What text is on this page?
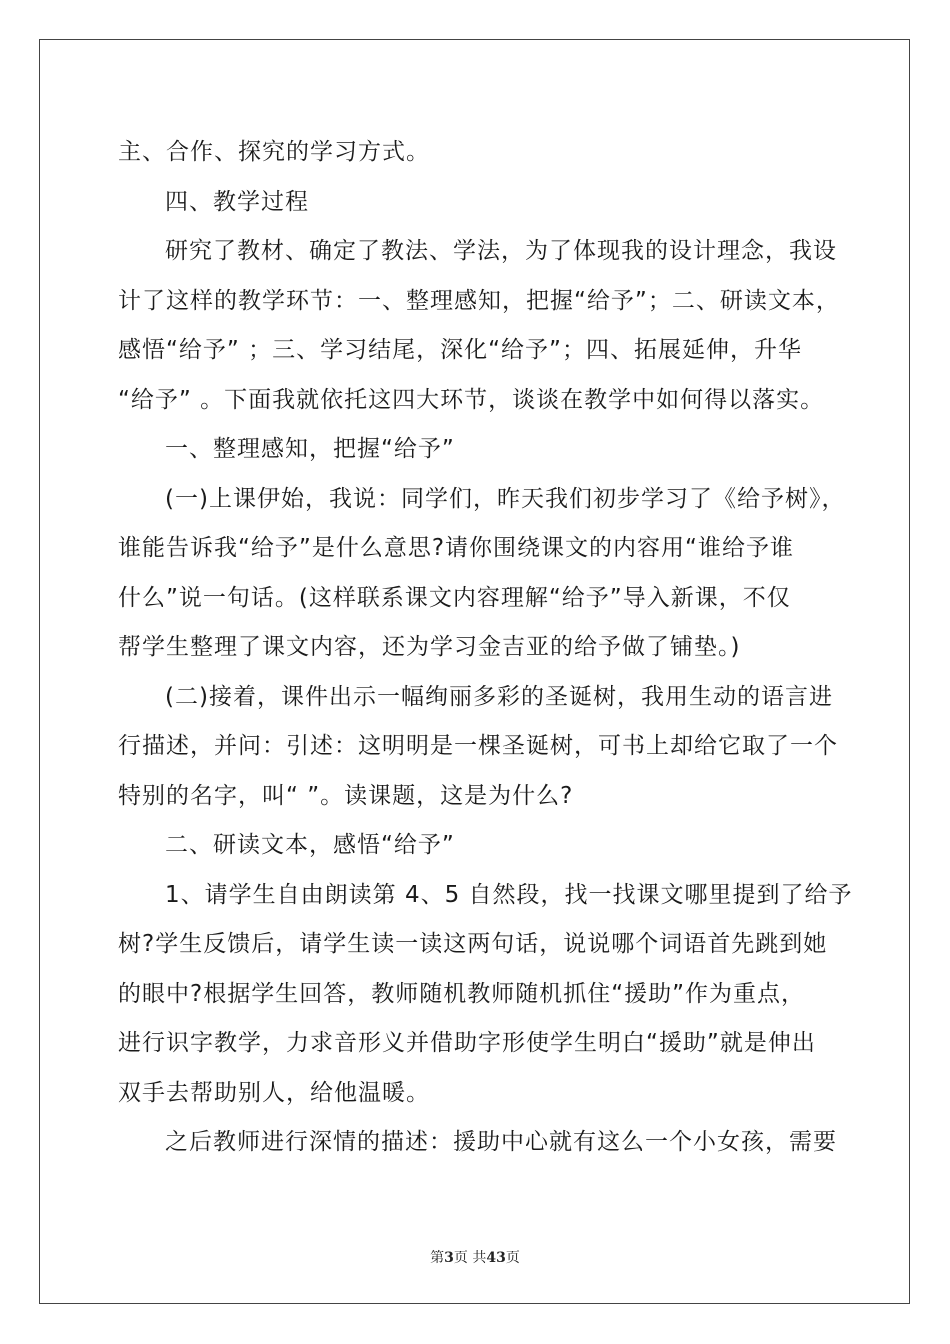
主、合作、探究的学习方式。
四、教学过程
研究了教材、确定了教法、学法，为了体现我的设计理念，我设
计了这样的教学环节：一、整理感知，把握“给予”；二、研读文本，
感悟“给予” ；三、学习结尾，深化“给予”；四、拓展延伸，升华
“给予” 。下面我就依托这四大环节，谈谈在教学中如何得以落实。
一、整理感知，把握“给予”
(一)上课伊始，我说：同学们，昨天我们初步学习了《给予树》，
谁能告诉我“给予”是什么意思?请你围绕课文的内容用“谁给予谁
什么”说一句话。(这样联系课文内容理解“给予”导入新课，不仅
帮学生整理了课文内容，还为学习金吉亚的给予做了铺垫。)
(二)接着，课件出示一幅绚丽多彩的圣诞树，我用生动的语言进
行描述，并问：引述：这明明是一棵圣诞树，可书上却给它取了一个
特别的名字，叫“ ”。读课题，这是为什么?
二、研读文本，感悟“给予”
1、请学生自由朗读第 4、5 自然段，找一找课文哪里提到了给予
树?学生反馈后，请学生读一读这两句话，说说哪个词语首先跳到她
的眼中?根据学生回答，教师随机教师随机抓住“援助”作为重点，
进行识字教学，力求音形义并借助字形使学生明白“援助”就是伸出
双手去帮助别人，给他温暖。
之后教师进行深情的描述：援助中心就有这么一个小女孩，需要
第3页 共43页
